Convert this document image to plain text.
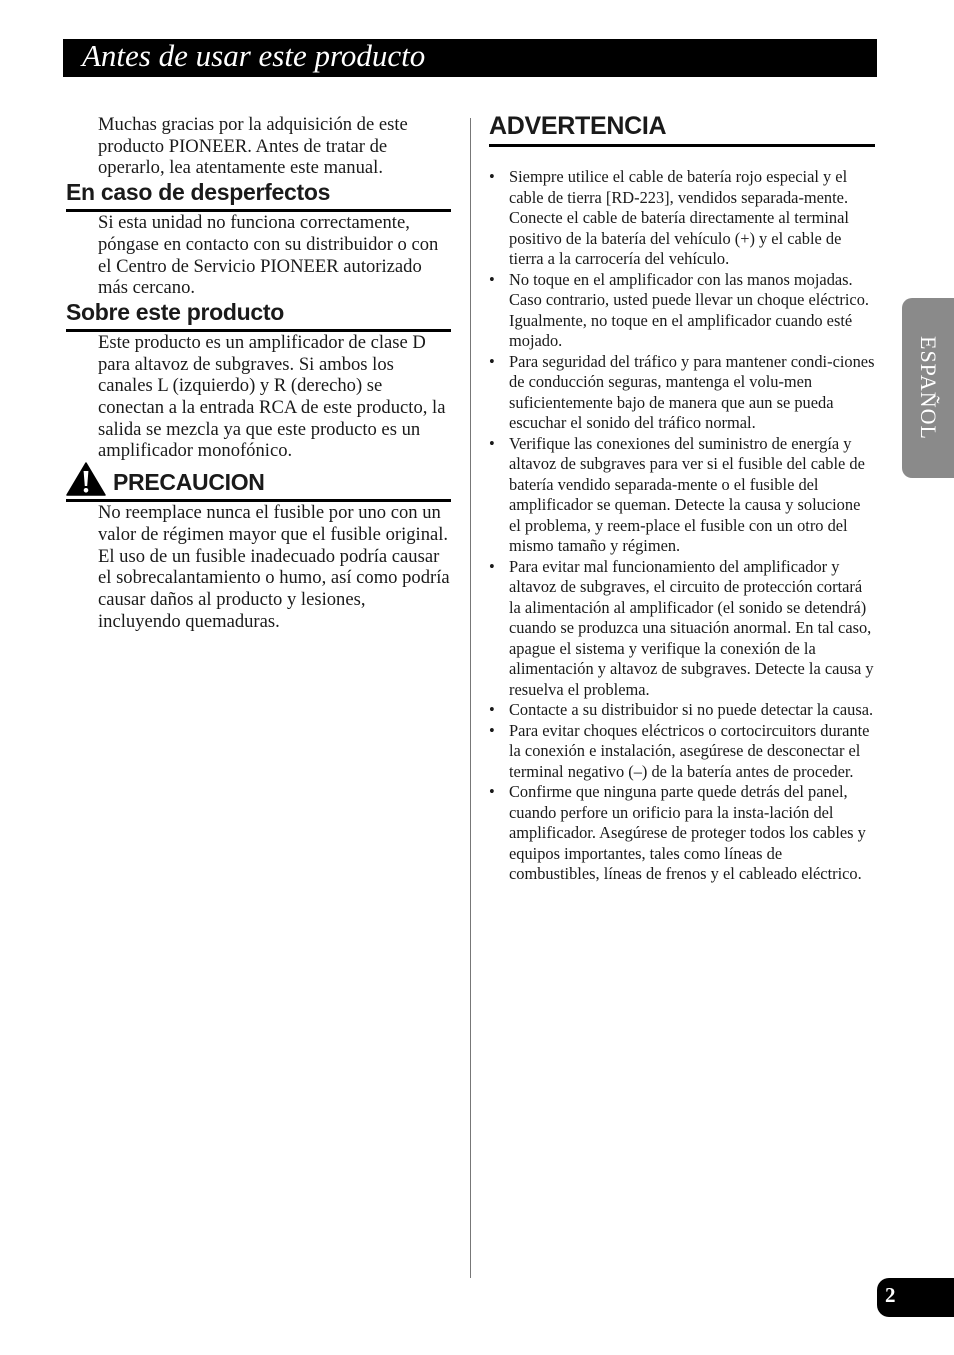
Antes de usar este producto

Muchas gracias por la adquisición de este producto PIONEER. Antes de tratar de operarlo, lea atentamente este manual.

En caso de desperfectos

Si esta unidad no funciona correctamente, póngase en contacto con su distribuidor o con el Centro de Servicio PIONEER autorizado más cercano.

Sobre este producto

Este producto es un amplificador de clase D para altavoz de subgraves. Si ambos los canales L (izquierdo) y R (derecho) se conectan a la entrada RCA de este producto, la salida se mezcla ya que este producto es un amplificador monofónico.

PRECAUCION

No reemplace nunca el fusible por uno con un valor de régimen mayor que el fusible original. El uso de un fusible inadecuado podría causar el sobrecalantamiento o humo, así como podría causar daños al producto y lesiones, incluyendo quemaduras.

ADVERTENCIA
• Siempre utilice el cable de batería rojo especial y el cable de tierra [RD-223], vendidos separada-mente. Conecte el cable de batería directamente al terminal positivo de la batería del vehículo (+) y el cable de tierra a la carrocería del vehículo.
• No toque en el amplificador con las manos mojadas. Caso contrario, usted puede llevar un choque eléctrico. Igualmente, no toque en el amplificador cuando esté mojado.
• Para seguridad del tráfico y para mantener condi-ciones de conducción seguras, mantenga el volu-men suficientemente bajo de manera que aun se pueda escuchar el sonido del tráfico normal.
• Verifique las conexiones del suministro de energía y altavoz de subgraves para ver si el fusible del cable de batería vendido separada-mente o el fusible del amplificador se queman. Detecte la causa y solucione el problema, y reem-place el fusible con un otro del mismo tamaño y régimen.
• Para evitar mal funcionamiento del amplificador y altavoz de subgraves, el circuito de protección cortará la alimentación al amplificador (el sonido se detendrá) cuando se produzca una situación anormal. En tal caso, apague el sistema y verifique la conexión de la alimentación y altavoz de subgraves. Detecte la causa y resuelva el problema.
• Contacte a su distribuidor si no puede detectar la causa.
• Para evitar choques eléctricos o cortocircuitors durante la conexión e instalación, asegúrese de desconectar el terminal negativo (–) de la batería antes de proceder.
• Confirme que ninguna parte quede detrás del panel, cuando perfore un orificio para la insta-lación del amplificador. Asegúrese de proteger todos los cables y equipos importantes, tales como líneas de combustibles, líneas de frenos y el cableado eléctrico.
ESPAÑOL
2
